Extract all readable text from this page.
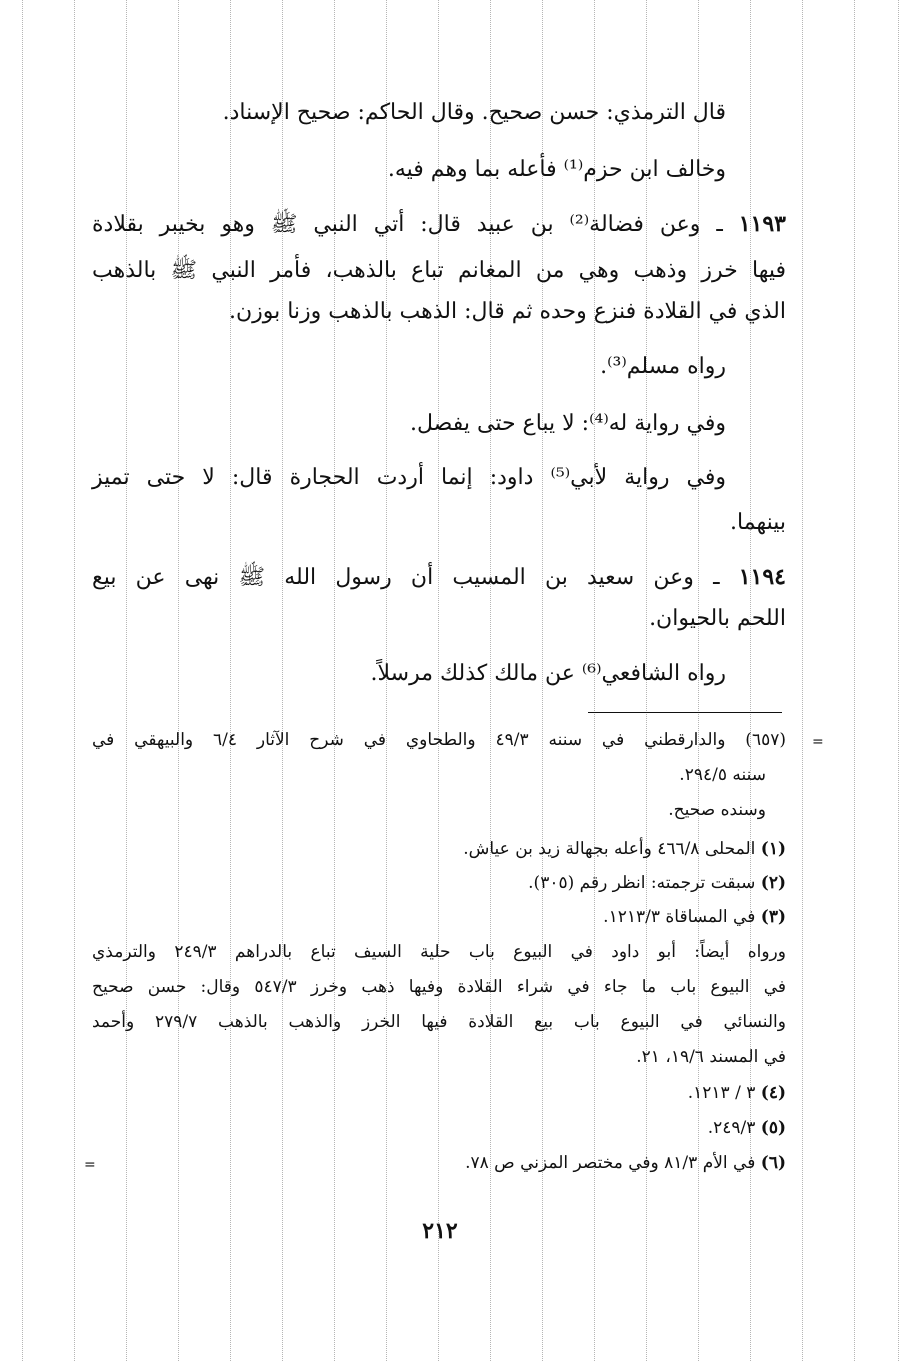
قال الترمذي: حسن صحيح. وقال الحاكم: صحيح الإسناد.
وخالف ابن حزم⁽¹⁾ فأعله بما وهم فيه.
١١٩٣ ـ وعن فضالة⁽²⁾ بن عبيد قال: أتي النبي ﷺ وهو بخيبر بقلادة
فيها خرز وذهب وهي من المغانم تباع بالذهب، فأمر النبي ﷺ بالذهب
الذي في القلادة فنزع وحده ثم قال: الذهب بالذهب وزنا بوزن.
رواه مسلم⁽³⁾.
وفي رواية له⁽⁴⁾: لا يباع حتى يفصل.
وفي رواية لأبي⁽⁵⁾ داود: إنما أردت الحجارة قال: لا حتى تميز
بينهما.
١١٩٤ ـ وعن سعيد بن المسيب أن رسول الله ﷺ نهى عن بيع
اللحم بالحيوان.
رواه الشافعي⁽⁶⁾ عن مالك كذلك مرسلاً.
=
(٦٥٧) والدارقطني في سننه ٤٩/٣ والطحاوي في شرح الآثار ٦/٤ والبيهقي في
سننه ٢٩٤/٥.
وسنده صحيح.
(١) المحلى ٤٦٦/٨ وأعله بجهالة زيد بن عياش.
(٢) سبقت ترجمته: انظر رقم (٣٠٥).
(٣) في المساقاة ١٢١٣/٣.
ورواه أيضاً: أبو داود في البيوع باب حلية السيف تباع بالدراهم ٢٤٩/٣ والترمذي
في البيوع باب ما جاء في شراء القلادة وفيها ذهب وخرز ٥٤٧/٣ وقال: حسن صحيح
والنسائي في البيوع باب بيع القلادة فيها الخرز والذهب بالذهب ٢٧٩/٧ وأحمد
في المسند ١٩/٦، ٢١.
(٤) ٣ / ١٢١٣.
(٥) ٢٤٩/٣.
(٦) في الأم ٨١/٣ وفي مختصر المزني ص ٧٨.
=
٢١٢
